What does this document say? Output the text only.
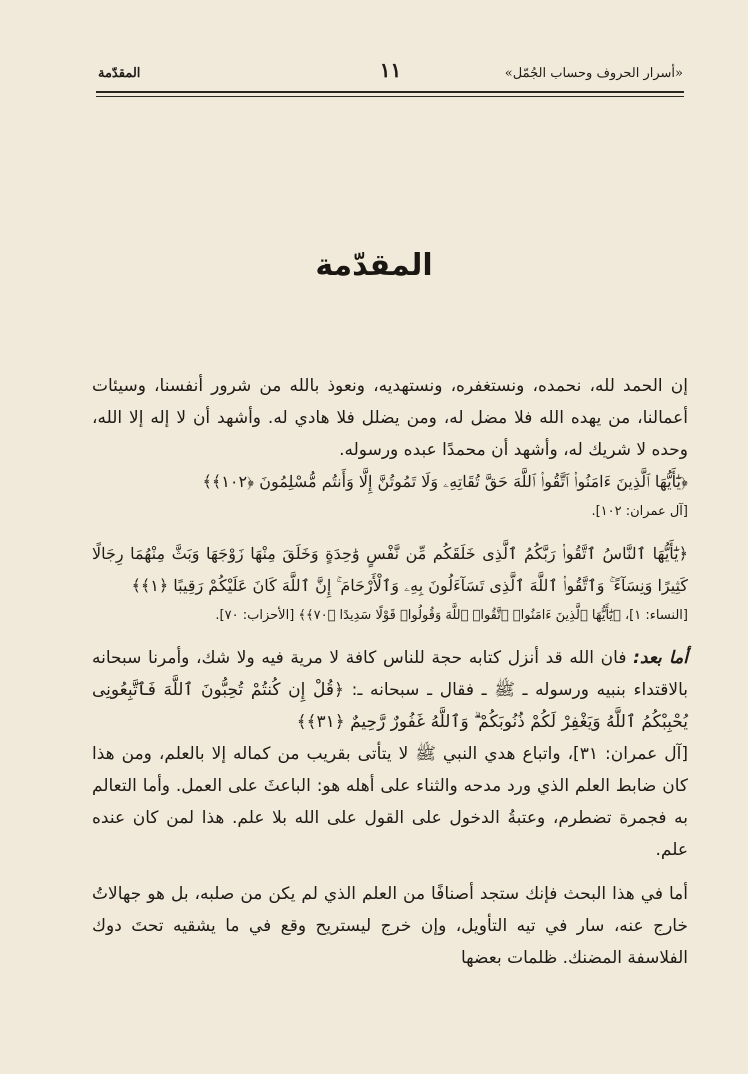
«أسرار الحروف وحساب الجُمّل»
١١
المقدّمة
المقدّمة

إن الحمد لله، نحمده، ونستغفره، ونستهديه، ونعوذ بالله من شرور أنفسنا، وسيئات أعمالنا، من يهده الله فلا مضل له، ومن يضلل فلا هادي له. وأشهد أن لا إله إلا الله، وحده لا شريك له، وأشهد أن محمدًا عبده ورسوله.

﴿يَٰٓأَيُّهَا ٱلَّذِينَ ءَامَنُوا۟ ٱتَّقُوا۟ ٱللَّهَ حَقَّ تُقَاتِهِۦ وَلَا تَمُوتُنَّ إِلَّا وَأَنتُم مُّسْلِمُونَ ﴿١٠٢﴾﴾

[آل عمران: ١٠٢].

﴿يَٰٓأَيُّهَا ٱلنَّاسُ ٱتَّقُوا۟ رَبَّكُمُ ٱلَّذِى خَلَقَكُم مِّن نَّفْسٍ وَٰحِدَةٍ وَخَلَقَ مِنْهَا زَوْجَهَا وَبَثَّ مِنْهُمَا رِجَالًا كَثِيرًا وَنِسَآءً ۚ وَٱتَّقُوا۟ ٱللَّهَ ٱلَّذِى تَسَآءَلُونَ بِهِۦ وَٱلْأَرْحَامَ ۚ إِنَّ ٱللَّهَ كَانَ عَلَيْكُمْ رَقِيبًا ﴿١﴾﴾

[النساء: ١]، ﴿يَٰٓأَيُّهَا ٱلَّذِينَ ءَامَنُوا۟ ٱتَّقُوا۟ ٱللَّهَ وَقُولُوا۟ قَوْلًا سَدِيدًا ﴿٧٠﴾﴾ [الأحزاب: ٧٠].

أما بعد: فان الله قد أنزل كتابه حجة للناس كافة لا مرية فيه ولا شك، وأمرنا سبحانه بالاقتداء بنبيه ورسوله ـ ﷺ ـ فقال ـ سبحانه ـ: ﴿قُلْ إِن كُنتُمْ تُحِبُّونَ ٱللَّهَ فَٱتَّبِعُونِى يُحْبِبْكُمُ ٱللَّهُ وَيَغْفِرْ لَكُمْ ذُنُوبَكُمْ ۗ وَٱللَّهُ غَفُورٌ رَّحِيمٌ ﴿٣١﴾﴾

[آل عمران: ٣١]، واتباع هدي النبي ﷺ لا يتأتى بقريب من كماله إلا بالعلم، ومن هذا كان ضابط العلم الذي ورد مدحه والثناء على أهله هو: الباعثَ على العمل. وأما التعالم به فجمرة تضطرم، وعتبةُ الدخول على القول على الله بلا علم. هذا لمن كان عنده علم.

أما في هذا البحث فإنك ستجد أصنافًا من العلم الذي لم يكن من صلبه، بل هو جهالاتُ خارج عنه، سار في تيه التأويل، وإن خرج ليستريح وقع في ما يشقيه تحتَ دوك الفلاسفة المضنك. ظلمات بعضها
